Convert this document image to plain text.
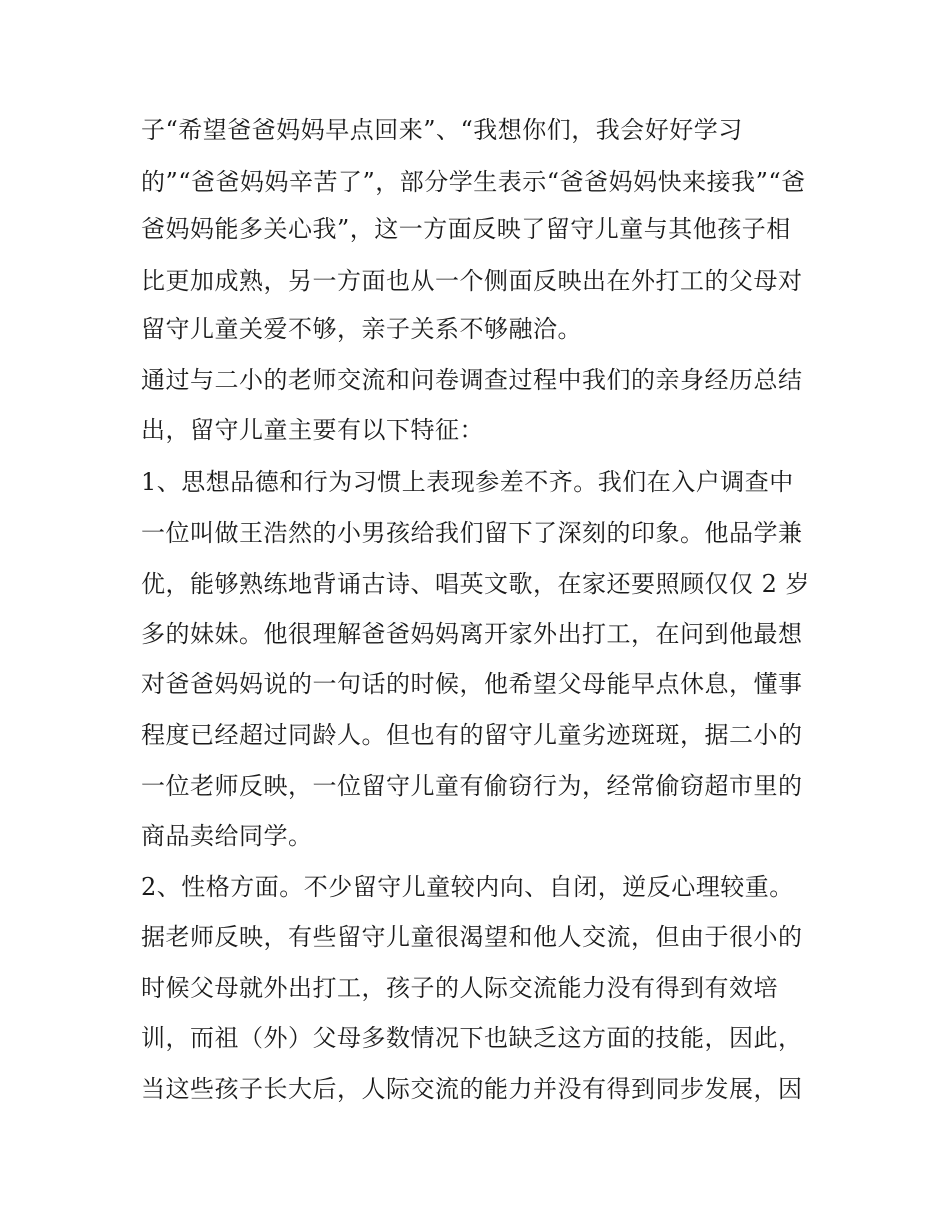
子“希望爸爸妈妈早点回来”、“我想你们，我会好好学习
的”“爸爸妈妈辛苦了”，部分学生表示“爸爸妈妈快来接我”“爸
爸妈妈能多关心我”，这一方面反映了留守儿童与其他孩子相
比更加成熟，另一方面也从一个侧面反映出在外打工的父母对
留守儿童关爱不够，亲子关系不够融洽。
通过与二小的老师交流和问卷调查过程中我们的亲身经历总结
出，留守儿童主要有以下特征：
1、思想品德和行为习惯上表现参差不齐。我们在入户调查中
一位叫做王浩然的小男孩给我们留下了深刻的印象。他品学兼
优，能够熟练地背诵古诗、唱英文歌，在家还要照顾仅仅 2 岁
多的妹妹。他很理解爸爸妈妈离开家外出打工，在问到他最想
对爸爸妈妈说的一句话的时候，他希望父母能早点休息，懂事
程度已经超过同龄人。但也有的留守儿童劣迹斑斑，据二小的
一位老师反映，一位留守儿童有偷窃行为，经常偷窃超市里的
商品卖给同学。
2、性格方面。不少留守儿童较内向、自闭，逆反心理较重。
据老师反映，有些留守儿童很渴望和他人交流，但由于很小的
时候父母就外出打工，孩子的人际交流能力没有得到有效培
训，而祖（外）父母多数情况下也缺乏这方面的技能，因此，
当这些孩子长大后，人际交流的能力并没有得到同步发展，因
